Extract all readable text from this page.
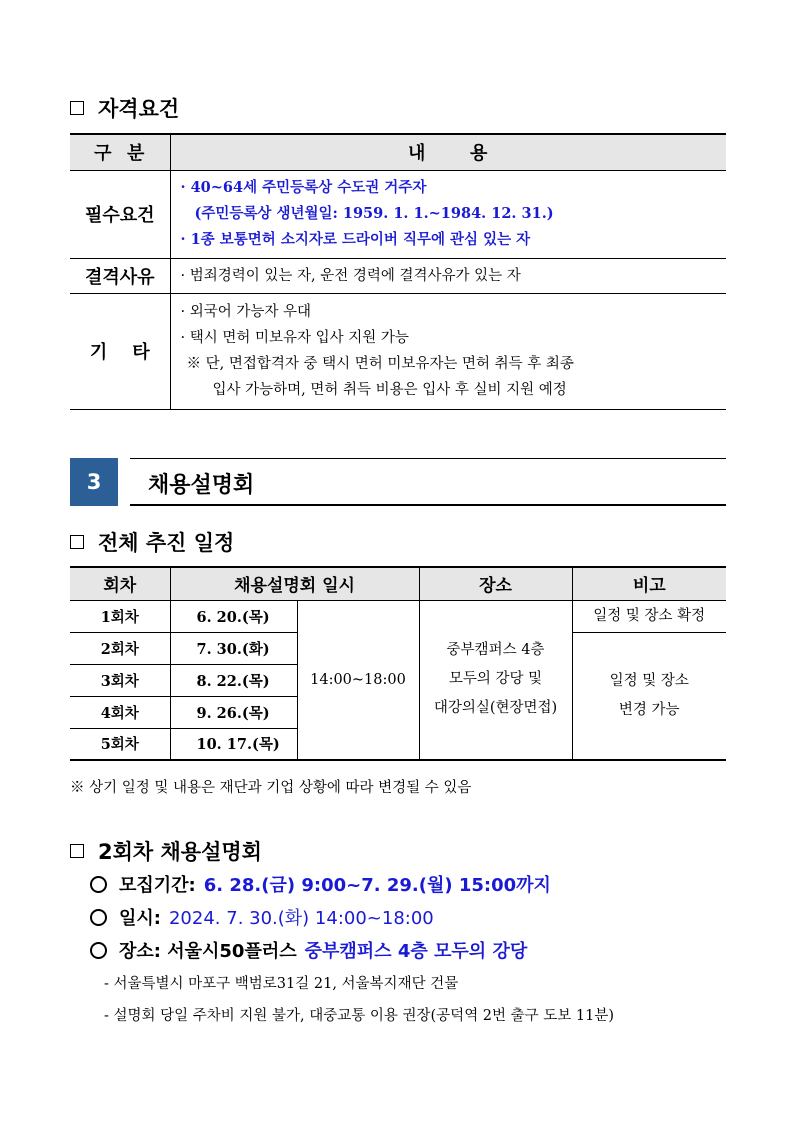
자격요건
구  분	내      용
필수요건	· 40~64세 주민등록상 수도권 거주자
(주민등록상 생년월일: 1959. 1. 1.~1984. 12. 31.)
· 1종 보통면허 소지자로 드라이버 직무에 관심 있는 자

결격사유	· 범죄경력이 있는 자, 운전 경력에 결격사유가 있는 자
기    타	· 외국어 가능자 우대
· 택시 면허 미보유자 입사 지원 가능
※ 단, 면접합격자 중 택시 면허 미보유자는 면허 취득 후 최종
입사 가능하며, 면허 취득 비용은 입사 후 실비 지원 예정
3	채용설명회
전체 추진 일정
회차	채용설명회 일시		장소	비고
1회차	6. 20.(목)	14:00~18:00	중부캠퍼스 4층
모두의 강당 및
대강의실(현장면접)	일정 및 장소 확정
2회차	7. 30.(화)			일정 및 장소
변경 가능

3회차	8. 22.(목)			
4회차	9. 26.(목)			
5회차	10. 17.(목)			
※ 상기 일정 및 내용은 재단과 기업 상황에 따라 변경될 수 있음
2회차 채용설명회
모집기간: 6. 28.(금) 9:00~7. 29.(월) 15:00까지
일시: 2024. 7. 30.(화) 14:00~18:00
장소: 서울시50플러스 중부캠퍼스 4층 모두의 강당
- 서울특별시 마포구 백범로31길 21, 서울복지재단 건물
- 설명회 당일 주차비 지원 불가, 대중교통 이용 권장(공덕역 2번 출구 도보 11분)
